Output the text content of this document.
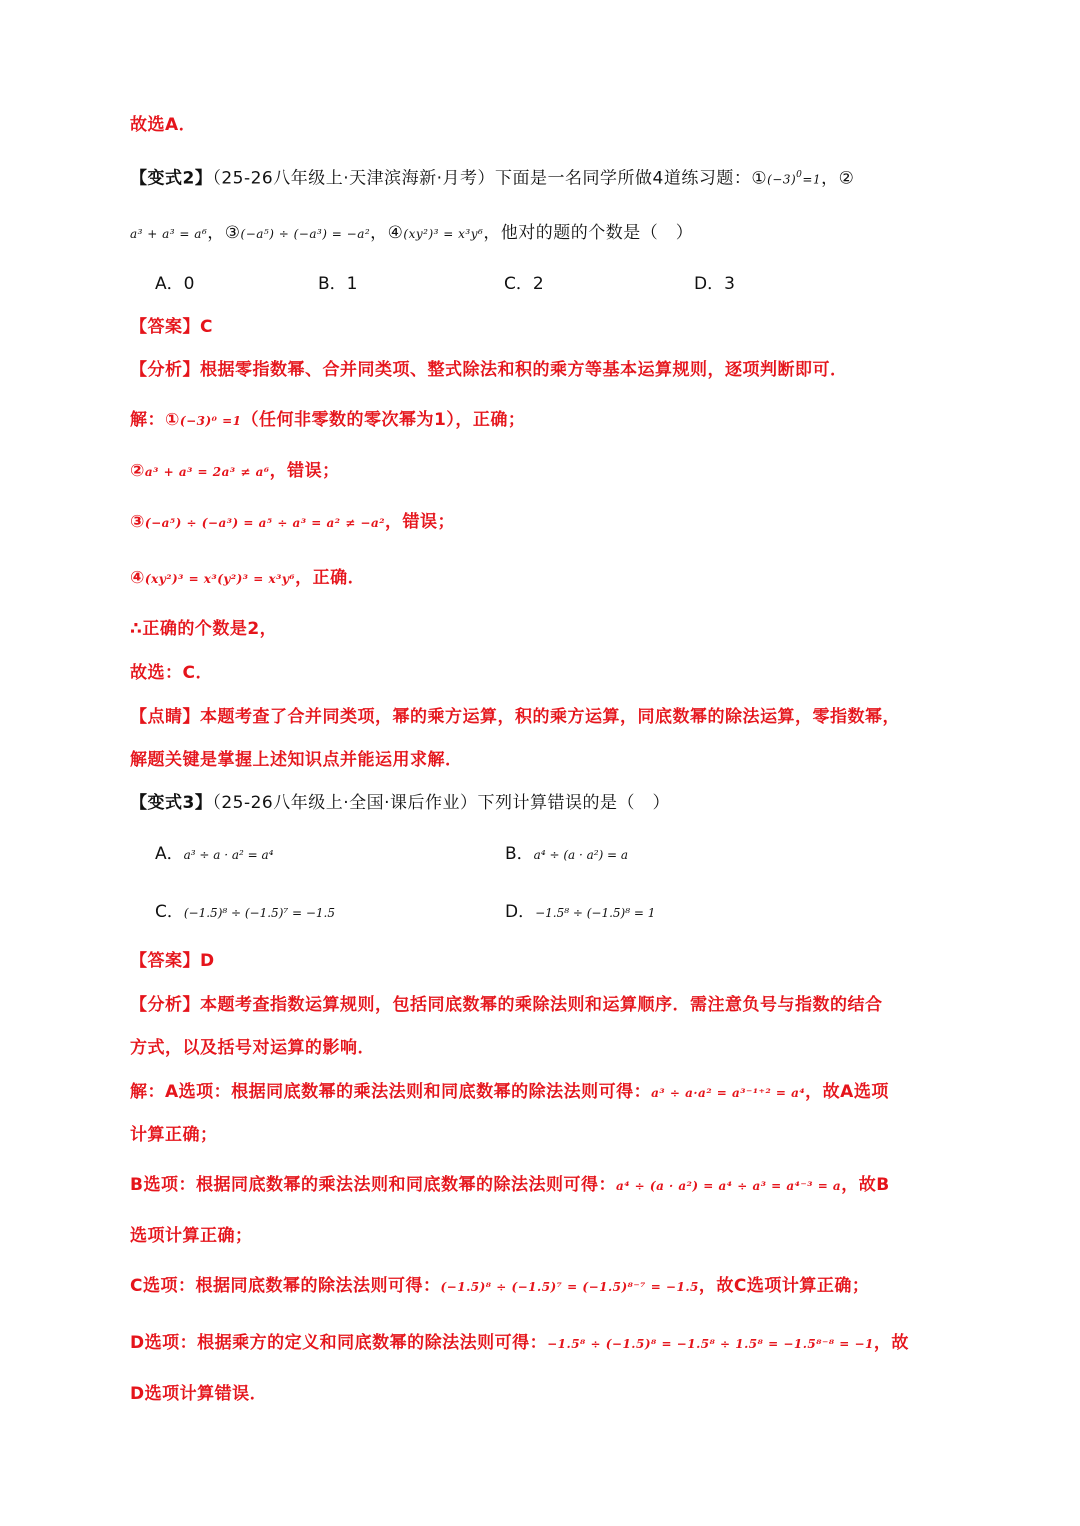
故选A．
【变式2】（25-26八年级上·天津滨海新·月考）下面是一名同学所做4道练习题：$①(-3)^0=1$，②
a³ + a³ = a⁶，③(−a⁵) ÷ (−a³) = −a²，④(xy²)³ = x³y⁶，他对的题的个数是（　）
A．0	B．1	C．2	D．3
【答案】C
【分析】根据零指数幂、合并同类项、整式除法和积的乘方等基本运算规则，逐项判断即可．
解：①(−3)⁰ =1（任何非零数的零次幂为1），正确；
②a³ + a³ = 2a³ ≠ a⁶，错误；
③(−a⁵) ÷ (−a³) = a⁵ ÷ a³ = a² ≠ −a²，错误；
④(xy²)³ = x³(y²)³ = x³y⁶，正确．
∴正确的个数是2，
故选：C．
【点睛】本题考查了合并同类项，幂的乘方运算，积的乘方运算，同底数幂的除法运算，零指数幂，
解题关键是掌握上述知识点并能运用求解．
【变式3】（25-26八年级上·全国·课后作业）下列计算错误的是（　）
A．a³ ÷ a · a² = a⁴	B．a⁴ ÷ (a · a²) = a
C．(−1.5)⁸ ÷ (−1.5)⁷ = −1.5	D．−1.5⁸ ÷ (−1.5)⁸ = 1
【答案】D
【分析】本题考查指数运算规则，包括同底数幂的乘除法则和运算顺序．需注意负号与指数的结合
方式，以及括号对运算的影响．
解：A选项：根据同底数幂的乘法法则和同底数幂的除法法则可得：a³ ÷ a·a² = a³⁻¹⁺² = a⁴，故A选项
计算正确；
B选项：根据同底数幂的乘法法则和同底数幂的除法法则可得：a⁴ ÷ (a · a²) = a⁴ ÷ a³ = a⁴⁻³ = a，故B
选项计算正确；
C选项：根据同底数幂的除法法则可得：(−1.5)⁸ ÷ (−1.5)⁷ = (−1.5)⁸⁻⁷ = −1.5，故C选项计算正确；
D选项：根据乘方的定义和同底数幂的除法法则可得：−1.5⁸ ÷ (−1.5)⁸ = −1.5⁸ ÷ 1.5⁸ = −1.5⁸⁻⁸ = −1，故
D选项计算错误．
